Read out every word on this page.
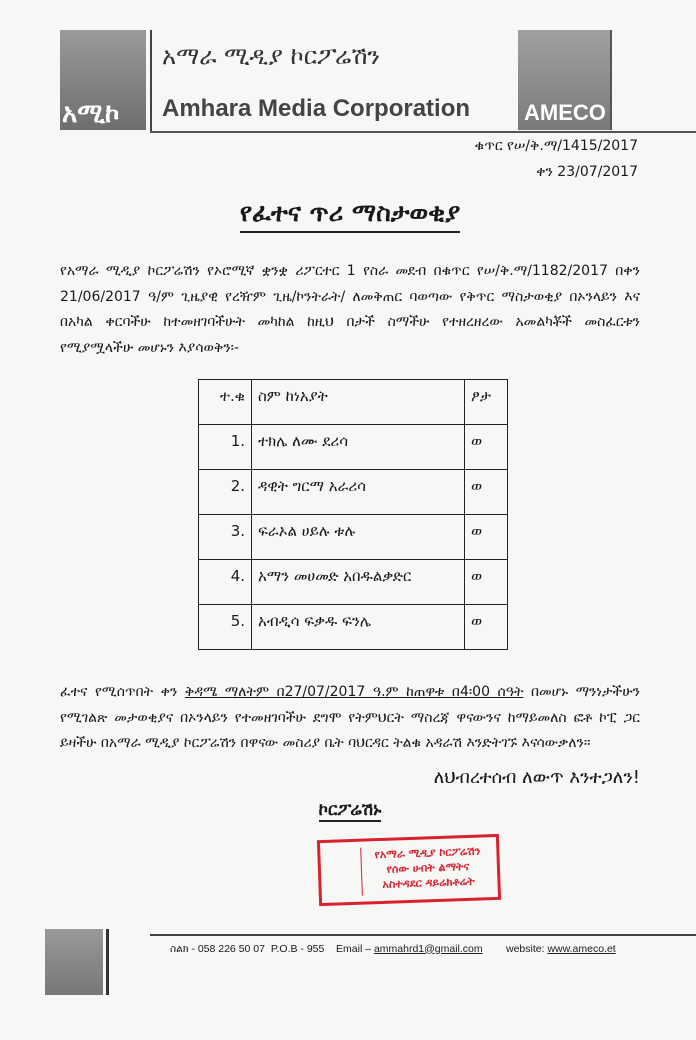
አሚኮ
አማራ ሚዲያ ኮርፖሬሽን
Amhara Media Corporation AMECO
ቁጥር የሠ/ቅ.ማ/1415/2017
ቀን 23/07/2017
የፈተና ጥሪ ማስታወቂያ

የአማራ ሚዲያ ኮርፖሬሽን የኦሮሚኛ ቋንቋ ሪፖርተር 1 የስራ መደብ በቁጥር የሠ/ቅ.ማ/1182/2017 በቀን 21/06/2017 ዓ/ም ጊዜያዊ የረዥም ጊዜ/ኮንትራት/ ለመቅጠር ባወጣው የቅጥር ማስታወቂያ በኦንላይን እና በአካል ቀርባችሁ ከተመዘገባችሁት መካከል ከዚህ በታች ስማችሁ የተዘረዘረው አመልካቾች መስፈርቱን የሚያሟላችሁ መሆኑን እያሳወቅን፡-

ተ.ቁ	ስም ከነአያት	ፆታ
1.	ተክሌ ለሙ ደሪሳ	ወ
2.	ዳዊት ግርማ አራሪሳ	ወ
3.	ፍራኦል ሀይሉ ቱሉ	ወ
4.	አማን መሀመድ አበዱልቃድር	ወ
5.	አብዲሳ ፍቃዱ ፍንሌ	ወ

ፈተና የሚሰጥበት ቀን ቅዳሜ ማለትም በ27/07/2017 ዓ.ም ከጠዋቱ በ4፡00 ሰዓት በመሆኑ ማንነታችሁን የሚገልጽ መታወቂያና በኦንላይን የተመዘገባችሁ ደግሞ የትምህርት ማስረጃ ዋናውንና ከማይመለስ ፎቶ ኮፒ ጋር ይዛችሁ በአማራ ሚዲያ ኮርፖሬሽን በዋናው መስሪያ ቤት ባህርዳር ትልቁ አዳራሽ እንድትገኙ እናሳውቃለን።

ለህብረተሰብ ለውጥ እንተጋለን!
ኮርፖሬሽኑ
የአማራ ሚዲያ ኮርፖሬሽን
የሰው ሀብት ልማትና
አስተዳደር ዳይሬክቶሬት
ስልክ - 058 226 50 07 P.O.B - 955 Email – ammahrd1@gmail.com website: www.ameco.et
